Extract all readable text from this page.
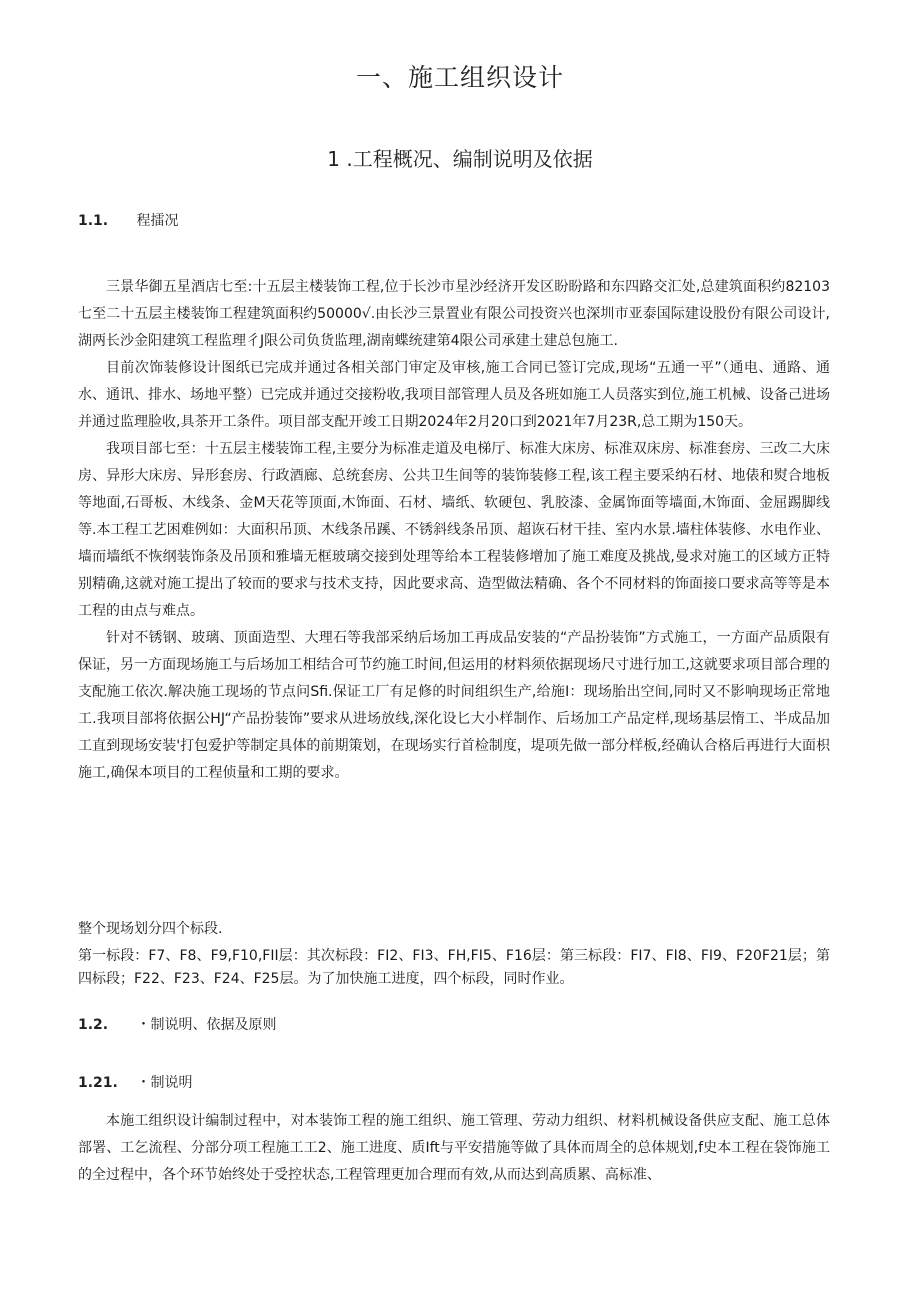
一、施工组织设计
1 .工程概况、编制说明及依据
1.1. 程擂况

三景华御五星酒店七至:十五层主楼装饰工程,位于长沙市星沙经济开发区盼盼路和东四路交汇处,总建筑面积约82103七至二十五层主楼装饰工程建筑面积约50000√.由长沙三景置业有限公司投资兴也深圳市亚泰国际建设股份有限公司设计,湖两长沙金阳建筑工程监理彳J限公司负货监理,湖南蝶统建第4限公司承建土建总包施工.

目前次饰装修设计图纸已完成并通过各相关部门审定及审核,施工合同已签订完成,现场“五通一平”（通电、通路、通水、通讯、排水、场地平整）已完成并通过交接粉收,我项目部管理人员及各班如施工人员落实到位,施工机械、设备己进场并通过监理脸收,具茶开工条件。项目部支配开竣工日期2024年2月20口到2021年7月23R,总工期为150天。

我项目部七至：十五层主楼装饰工程,主要分为标准走道及电梯厅、标准大床房、标准双床房、标准套房、三改二大床房、异形大床房、异形套房、行政酒廊、总统套房、公共卫生间等的装饰装修工程,该工程主要采纳石材、地俵和熨合地板等地面,石哥板、木线条、金M天花等顶面,木饰面、石材、墙纸、软硬包、乳胶漆、金属饰面等墙面,木饰面、金屈踢脚线等.本工程工艺困难例如：大面积吊顶、木线条吊蹊、不锈斜线条吊顶、超诙石材干挂、室内水景.墙柱体装修、水电作业、墙而墙纸不恢纲装饰条及吊顶和雅墙无框玻璃交接到处理等给本工程装修增加了施工难度及挑战,曼求对施工的区域方正特别精确,这就对施工提出了较而的要求与技术支持，因此要求高、造型做法精确、各个不同材料的饰面接口要求高等等是本工程的由点与难点。

针对不锈钢、玻璃、顶面造型、大理石等我部采纳后场加工再成品安装的“产品扮装饰”方式施工，一方面产品质限有保证，另一方面现场施工与后场加工相结合可节约施工时间,但运用的材料须依据现场尺寸进行加工,这就要求项目部合理的支配施工依次.解决施工现场的节点问Sfi.保证工厂有足修的时间组织生产,给施I：现场胎出空间,同时又不影响现场正常地工.我项目部将依据公HJ“产品扮装饰”要求从进场放线,深化设匕大小样制作、后场加工产品定样,现场基层惰工、半成品加工直到现场安装'打包爱护等制定具体的前期策划，在现场实行首检制度，堤项先做一部分样板,经确认合格后再进行大面枳施工,确保本项目的工程侦量和工期的要求。

整个现场划分四个标段.

第一标段：F7、F8、F9,F10,FII层：其次标段：FI2、FI3、FH,FI5、F16层：第三标段：FI7、FI8、FI9、F20F21层；第四标段；F22、F23、F24、F25层。为了加快施工进度，四个标段，同时作业。

1.2. ・制说明、依据及原则
1.21. ・制说明

本施工组织设计编制过程中，对本装饰工程的施工组织、施工管理、劳动力组织、材料机械设备供应支配、施工总体部署、工乞流程、分部分项工程施工工2、施工进度、质Ift与平安措施等做了具体而周全的总体规划,f史本工程在袋饰施工的全过程中，各个环节始终处于受控状态,工程管理更加合理而有效,从而达到高质累、高标准、
